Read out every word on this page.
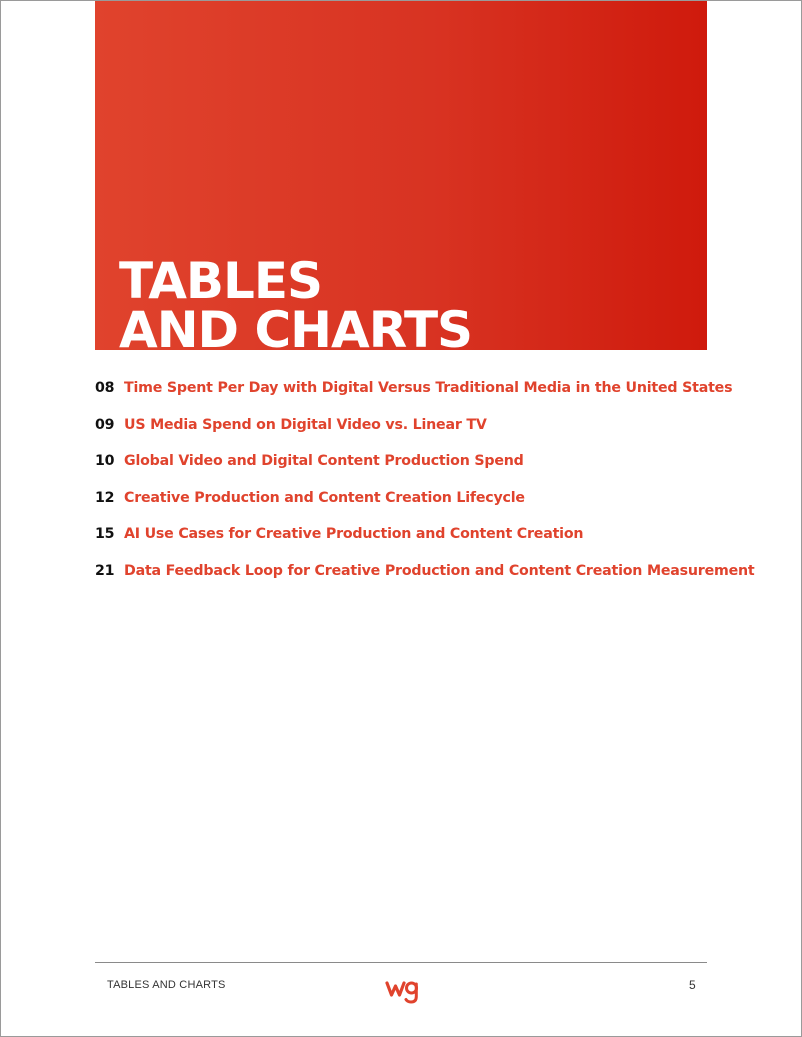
TABLES
AND CHARTS
08 Time Spent Per Day with Digital Versus Traditional Media in the United States
09 US Media Spend on Digital Video vs. Linear TV
10 Global Video and Digital Content Production Spend
12 Creative Production and Content Creation Lifecycle
15 AI Use Cases for Creative Production and Content Creation
21 Data Feedback Loop for Creative Production and Content Creation Measurement
TABLES AND CHARTS	5
